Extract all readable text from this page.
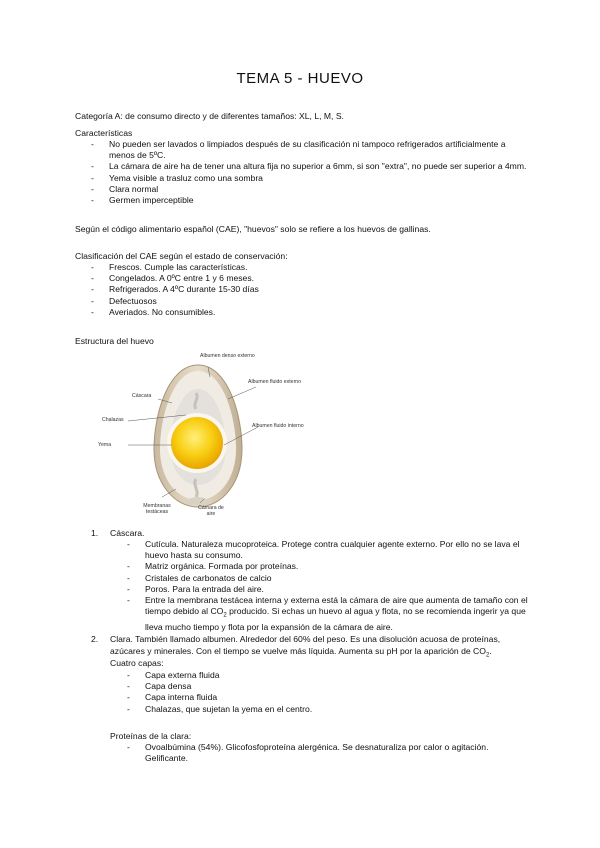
TEMA 5 - HUEVO
Categoría A: de consumo directo y de diferentes tamaños: XL, L, M, S.
Características
- No pueden ser lavados o limpiados después de su clasificación ni tampoco refrigerados artificialmente a menos de 5ºC.
- La cámara de aire ha de tener una altura fija no superior a 6mm, si son "extra", no puede ser superior a 4mm.
- Yema visible a trasluz como una sombra
- Clara normal
- Germen imperceptible
Según el código alimentario español (CAE), "huevos" solo se refiere a los huevos de gallinas.
Clasificación del CAE según el estado de conservación:
- Frescos. Cumple las características.
- Congelados. A 0ºC entre 1 y 6 meses.
- Refrigerados. A 4ºC durante 15-30 días
- Defectuosos
- Averiados. No consumibles.
Estructura del huevo
Albumen denso externo
Cáscara
Albumen fluido externo
Chalazas
Yema
Albumen fluido interno
Membranas testáceas
Cámara de aire
1. Cáscara.
- Cutícula. Naturaleza mucoproteica. Protege contra cualquier agente externo. Por ello no se lava el huevo hasta su consumo.
- Matriz orgánica. Formada por proteínas.
- Cristales de carbonatos de calcio
- Poros. Para la entrada del aire.
- Entre la membrana testácea interna y externa está la cámara de aire que aumenta de tamaño con el tiempo debido al $CO_2$ producido. Si echas un huevo al agua y flota, no se recomienda ingerir ya que lleva mucho tiempo y flota por la expansión de la cámara de aire.
2. Clara. También llamado albumen. Alrededor del 60% del peso. Es una disolución acuosa de proteínas,
azúcares y minerales. Con el tiempo se vuelve más líquida. Aumenta su pH por la aparición de $CO_2$.
Cuatro capas:
- Capa externa fluida
- Capa densa
- Capa interna fluida
- Chalazas, que sujetan la yema en el centro.
Proteínas de la clara:
- Ovoalbúmina (54%). Glicofosfoproteína alergénica. Se desnaturaliza por calor o agitación. Gelificante.
